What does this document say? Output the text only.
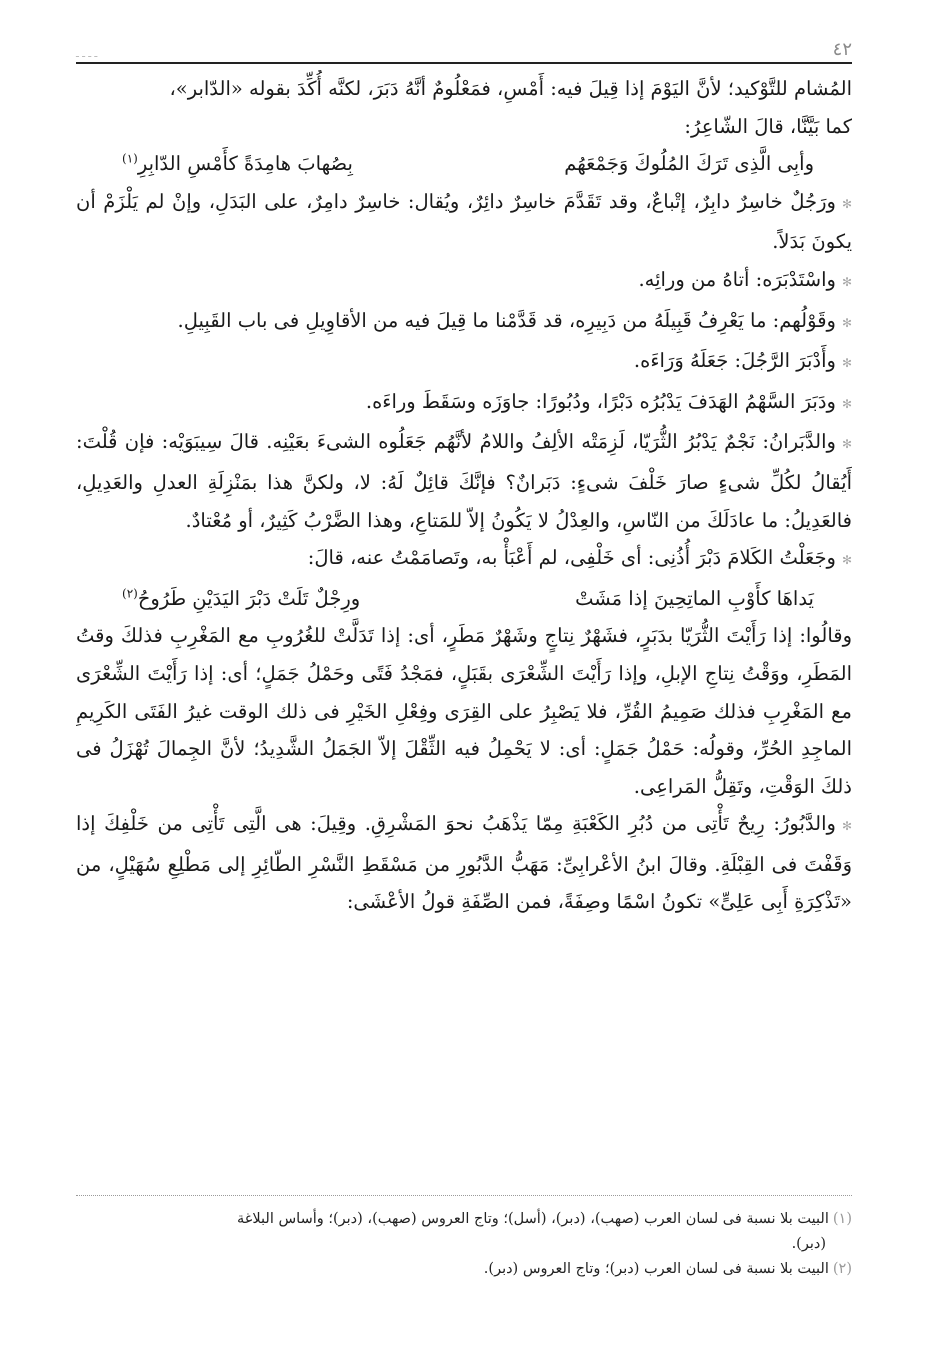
٤٢
ـ ـ ـ ـ

المُشام للتَّوْكيد؛ لأنَّ اليَوْمَ إذا قِيلَ فيه: أَمْسِ، فمَعْلُومٌ أنَّهُ دَبَرَ، لكنَّه أُكِّدَ بقوله «الدّابر»،

كما بَيَّنَّا، قالَ الشّاعِرُ:

وأبِى الَّذِى تَرَكَ المُلُوكَ وَجَمْعَهُم
بِصُهابَ هامِدَةً كأَمْسِ الدّابِرِ$^{(١)}$

✻ورَجُلٌ خاسِرٌ دابِرٌ، إتْباعٌ، وقد تَقَدَّمَ خاسِرٌ دائِرٌ، ويُقال: خاسِرٌ دامِرٌ، على البَدَلِ، وإنْ لم يَلْزَمْ أن يكونَ بَدَلاً.

✻واسْتَدْبَرَه: أتاهُ من ورائِه.

✻وقَوْلُهم: ما يَعْرِفُ قَبِيلَهُ من دَبِيرِه، قد قَدَّمْنا ما قِيلَ فيه من الأقاوِيلِ فى باب القَبِيلِ.

✻وأَدْبَرَ الرَّجُلَ: جَعَلَهُ وَرَاءَه.

✻ودَبَرَ السَّهْمُ الهَدَفَ يَدْبُرُه دَبْرًا، ودُبُورًا: جاوَزَه وسَقَطَ وراءَه.

✻والدَّبَرانُ: نَجْمٌ يَدْبُرُ الثُّرَيّا، لَزِمَتْه الألِفُ واللامُ لأنَّهُم جَعَلُوه الشىءَ بعَيْنِه. قالَ سِيبَوَيْه: فإن قُلْتَ: أَيُقالُ لكُلِّ شىءٍ صارَ خَلْفَ شىءٍ: دَبَرانٌ؟ فإنَّكَ قائِلٌ لَهُ: لا، ولكنَّ هذا بمَنْزِلَةِ العدلِ والعَدِيلِ، فالعَدِيلُ: ما عادَلَكَ من النّاسِ، والعِدْلُ لا يَكُونُ إلاّ للمَتاعِ، وهذا الضَّرْبُ كَثِيرٌ، أو مُعْتادٌ.

✻وجَعَلْتُ الكَلامَ دَبْرَ أُذُنِى: أى خَلْفِى، لم أَعْبَأْ به، وتَصامَمْتُ عنه، قالَ:

يَداهَا كأَوْبِ الماتِحِينَ إذا مَشَتْ
ورِجْلٌ تَلَتْ دَبْرَ اليَدَيْنِ طَرُوحُ$^{(٢)}$

وقالُوا: إذا رَأَيْتَ الثُّرَيّا بدَبَرٍ، فشَهْرٌ نِتاجٍ وشَهْرٌ مَطَرٍ، أى: إذا تَدَلَّتْ للغُرُوبِ مع المَغْرِبِ فذلكَ وقتُ المَطَرِ، ووَقْتُ نِتاجِ الإبلِ، وإذا رَأَيْتَ الشِّعْرَى بقَبَلٍ، فمَجْدُ فَتًى وحَمْلُ جَمَلٍ؛ أى: إذا رَأَيْتَ الشِّعْرَى مع المَغْرِبِ فذلك صَمِيمُ القُرِّ، فلا يَصْبِرُ على القِرَى وفِعْلِ الخَيْرِ فى ذلك الوقت غيرُ الفَتَى الكَرِيمِ الماجِدِ الحُرِّ، وقولُه: حَمْلُ جَمَلٍ: أى: لا يَحْمِلُ فيه الثِّقْلَ إلاّ الجَمَلُ الشَّدِيدُ؛ لأنَّ الجِمالَ تُهْزَلُ فى ذلكَ الوَقْتِ، وتَقِلُّ المَراعِى.

✻والدَّبُورُ: رِيحٌ تَأْتِى من دُبُرِ الكَعْبَةِ مِمّا يَذْهَبُ نحوَ المَشْرِقِ. وقِيلَ: هى الَّتِى تَأْتِى من خَلْفِكَ إذا وَقَفْتَ فى القِبْلَةِ. وقالَ ابنُ الأعْرابِىِّ: مَهَبُّ الدَّبُورِ من مَسْقَطِ النَّسْرِ الطّائِرِ إلى مَطْلِعِ سُهَيْلٍ، من «تَذْكِرَةِ أَبِى عَلِىٍّ» تكونُ اسْمًا وصِفَةً، فمن الصِّفَةِ قولُ الأعْشَى:

(١)البيت بلا نسبة فى لسان العرب (صهب)، (دبر)، (أسل)؛ وتاج العروس (صهب)، (دبر)؛ وأساس البلاغة

(دبر).

(٢)البيت بلا نسبة فى لسان العرب (دبر)؛ وتاج العروس (دبر).
